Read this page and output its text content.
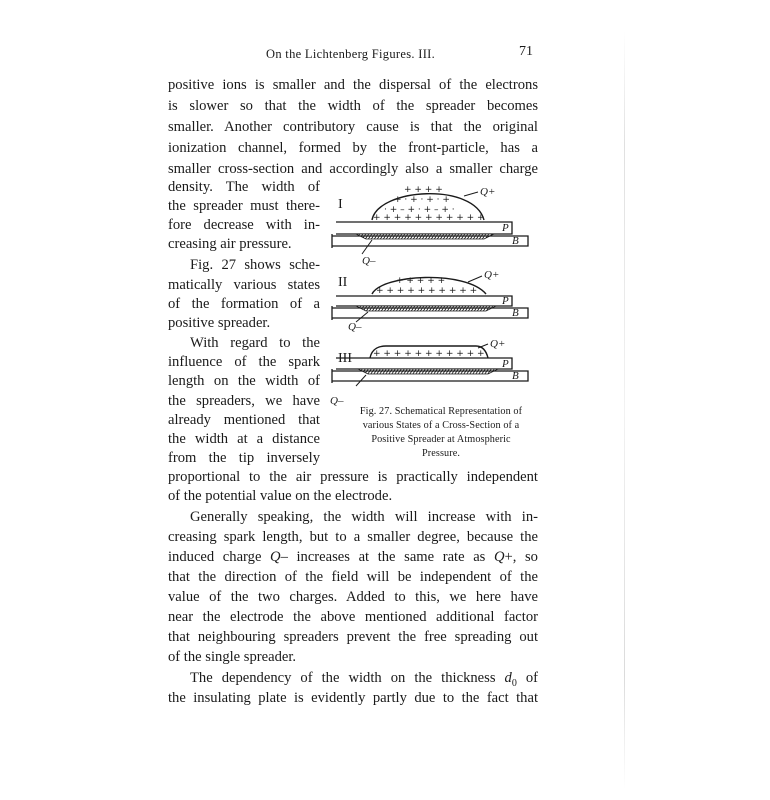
On the Lichtenberg Figures. III.	71
positive ions is smaller and the dispersal of the electrons
is slower so that the width of the spreader becomes
smaller. Another contributory cause is that the original
ionization channel, formed by the front-particle, has a
smaller cross-section and accordingly also a smaller charge
density. The width of
the spreader must there-
fore decrease with in-
creasing air pressure.
Fig. 27 shows sche-
matically various states
of the formation of a
positive spreader.
With regard to the
influence of the spark
length on the width of
the spreaders, we have
already mentioned that
the width at a distance
from the tip inversely
proportional to the air pressure is practically independent
of the potential value on the electrode.
Generally speaking, the width will increase with in-
creasing spark length, but to a smaller degree, because the
induced charge Q– increases at the same rate as Q+, so
that the direction of the field will be independent of the
value of the two charges. Added to this, we here have
near the electrode the above mentioned additional factor
that neighbouring spreaders prevent the free spreading out
of the single spreader.
The dependency of the width on the thickness $d_0$ of
the insulating plate is evidently partly due to the fact that
I
+ + + +
+ · + · + · +
· + – + · + – + ·
+ + + + + + + + + + +
Q+
P
B
Q–
II	+ + + + +
+ + + + + + + + + +
Q+
P
B
Q–
III + + + + + + + + + + +
Q+
P
B
Q–
Fig. 27. Schematical Representation of
various States of a Cross-Section of a
Positive Spreader at Atmospheric
Pressure.
